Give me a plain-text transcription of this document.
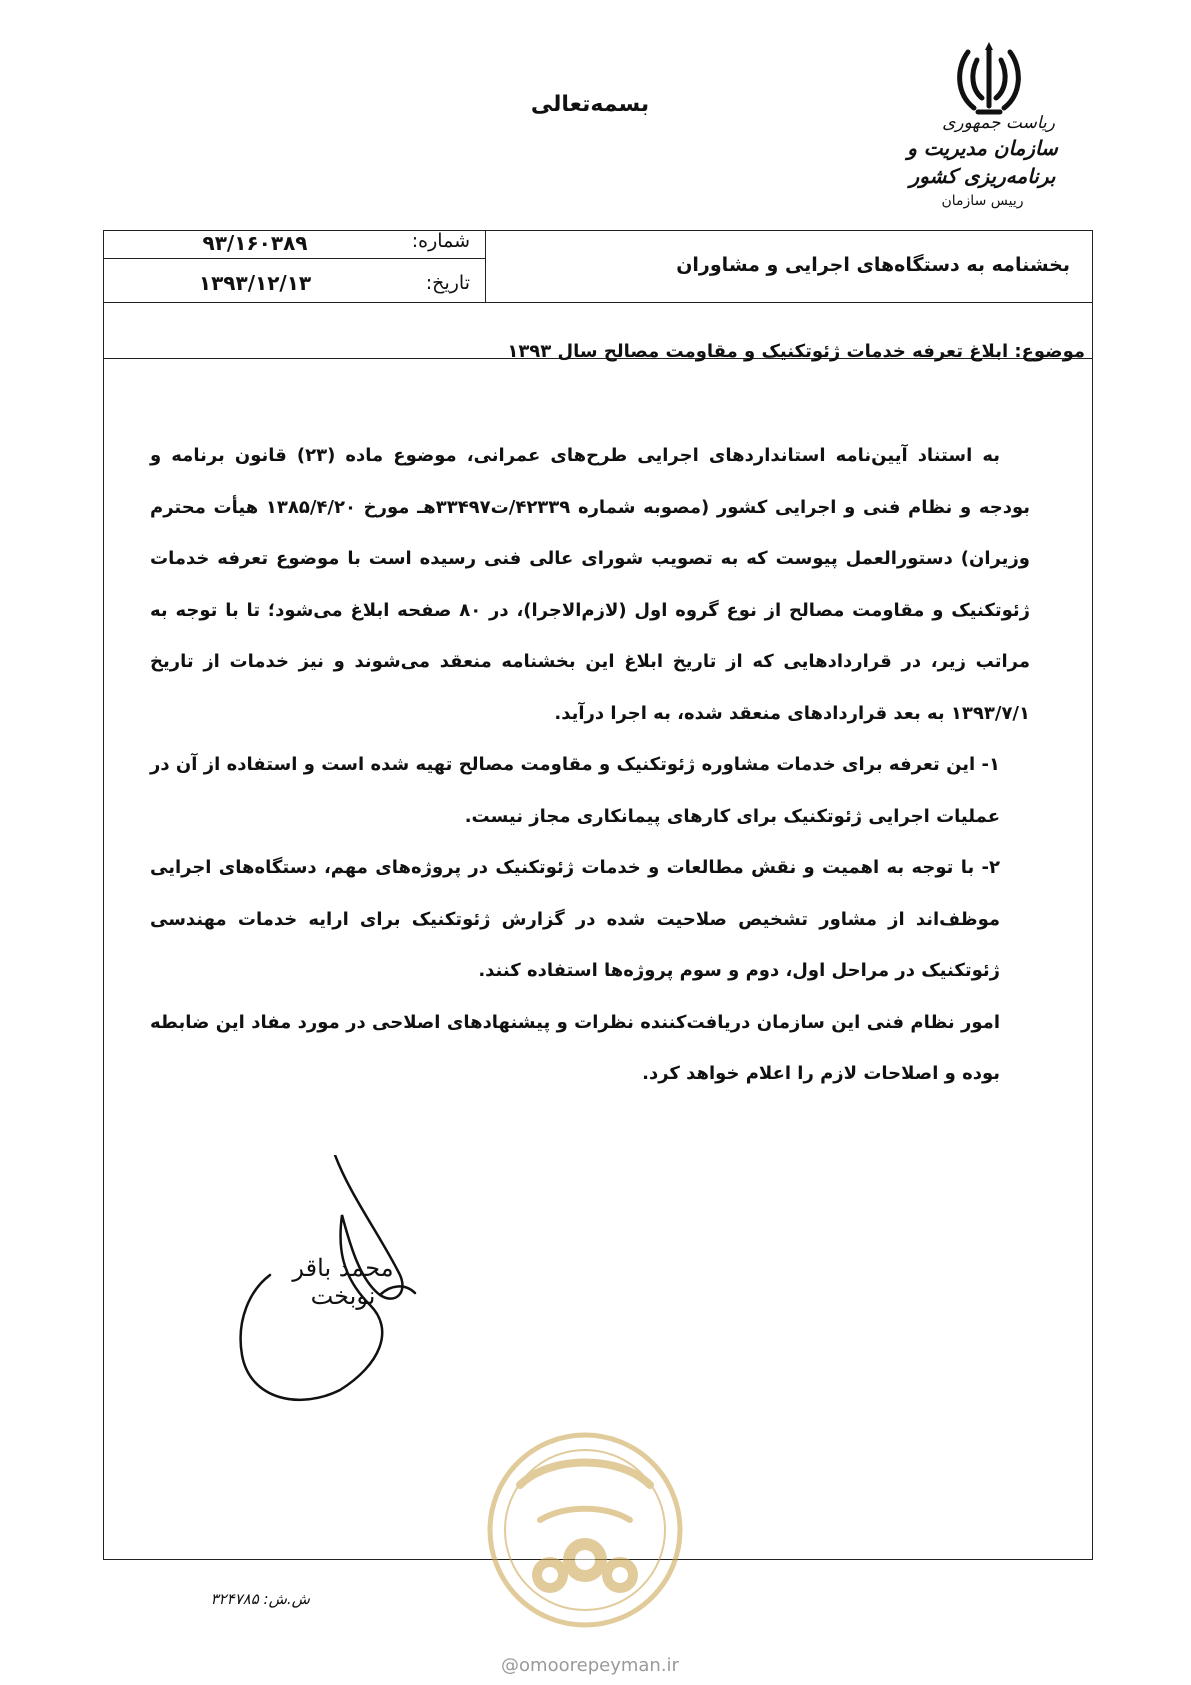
بسمه‌تعالی
ریاست جمهوری
سازمان مدیریت و برنامه‌ریزی کشور
رییس سازمان
بخشنامه به دستگاه‌های اجرایی و مشاوران
شماره:
۹۳/۱۶۰۳۸۹
تاریخ:
۱۳۹۳/۱۲/۱۳
موضوع: ابلاغ تعرفه خدمات ژئوتکنیک و مقاومت مصالح سال ۱۳۹۳

به استناد آیین‌نامه استانداردهای اجرایی طرح‌های عمرانی، موضوع ماده (۲۳) قانون برنامه و بودجه و نظام فنی و اجرایی کشور (مصوبه شماره ۴۲۳۳۹/ت۳۳۴۹۷هـ مورخ ۱۳۸۵/۴/۲۰ هیأت محترم وزیران) دستورالعمل پیوست که به تصویب شورای عالی فنی رسیده است با موضوع تعرفه خدمات ژئوتکنیک و مقاومت مصالح از نوع گروه اول (لازم‌الاجرا)، در ۸۰ صفحه ابلاغ می‌شود؛ تا با توجه به مراتب زیر، در قراردادهایی که از تاریخ ابلاغ این بخشنامه منعقد می‌شوند و نیز خدمات از تاریخ ۱۳۹۳/۷/۱ به بعد قراردادهای منعقد شده، به اجرا درآید.

۱- این تعرفه برای خدمات مشاوره ژئوتکنیک و مقاومت مصالح تهیه شده است و استفاده از آن در عملیات اجرایی ژئوتکنیک برای کارهای پیمانکاری مجاز نیست.

۲- با توجه به اهمیت و نقش مطالعات و خدمات ژئوتکنیک در پروژه‌های مهم، دستگاه‌های اجرایی موظف‌اند از مشاور تشخیص صلاحیت شده در گزارش ژئوتکنیک برای ارایه خدمات مهندسی ژئوتکنیک در مراحل اول، دوم و سوم پروژه‌ها استفاده کنند.

امور نظام فنی این سازمان دریافت‌کننده نظرات و پیشنهادهای اصلاحی در مورد مفاد این ضابطه بوده و اصلاحات لازم را اعلام خواهد کرد.

محمد باقر نوبخت
ش.ش: ۳۲۴۷۸۵
@omoorepeyman.ir
